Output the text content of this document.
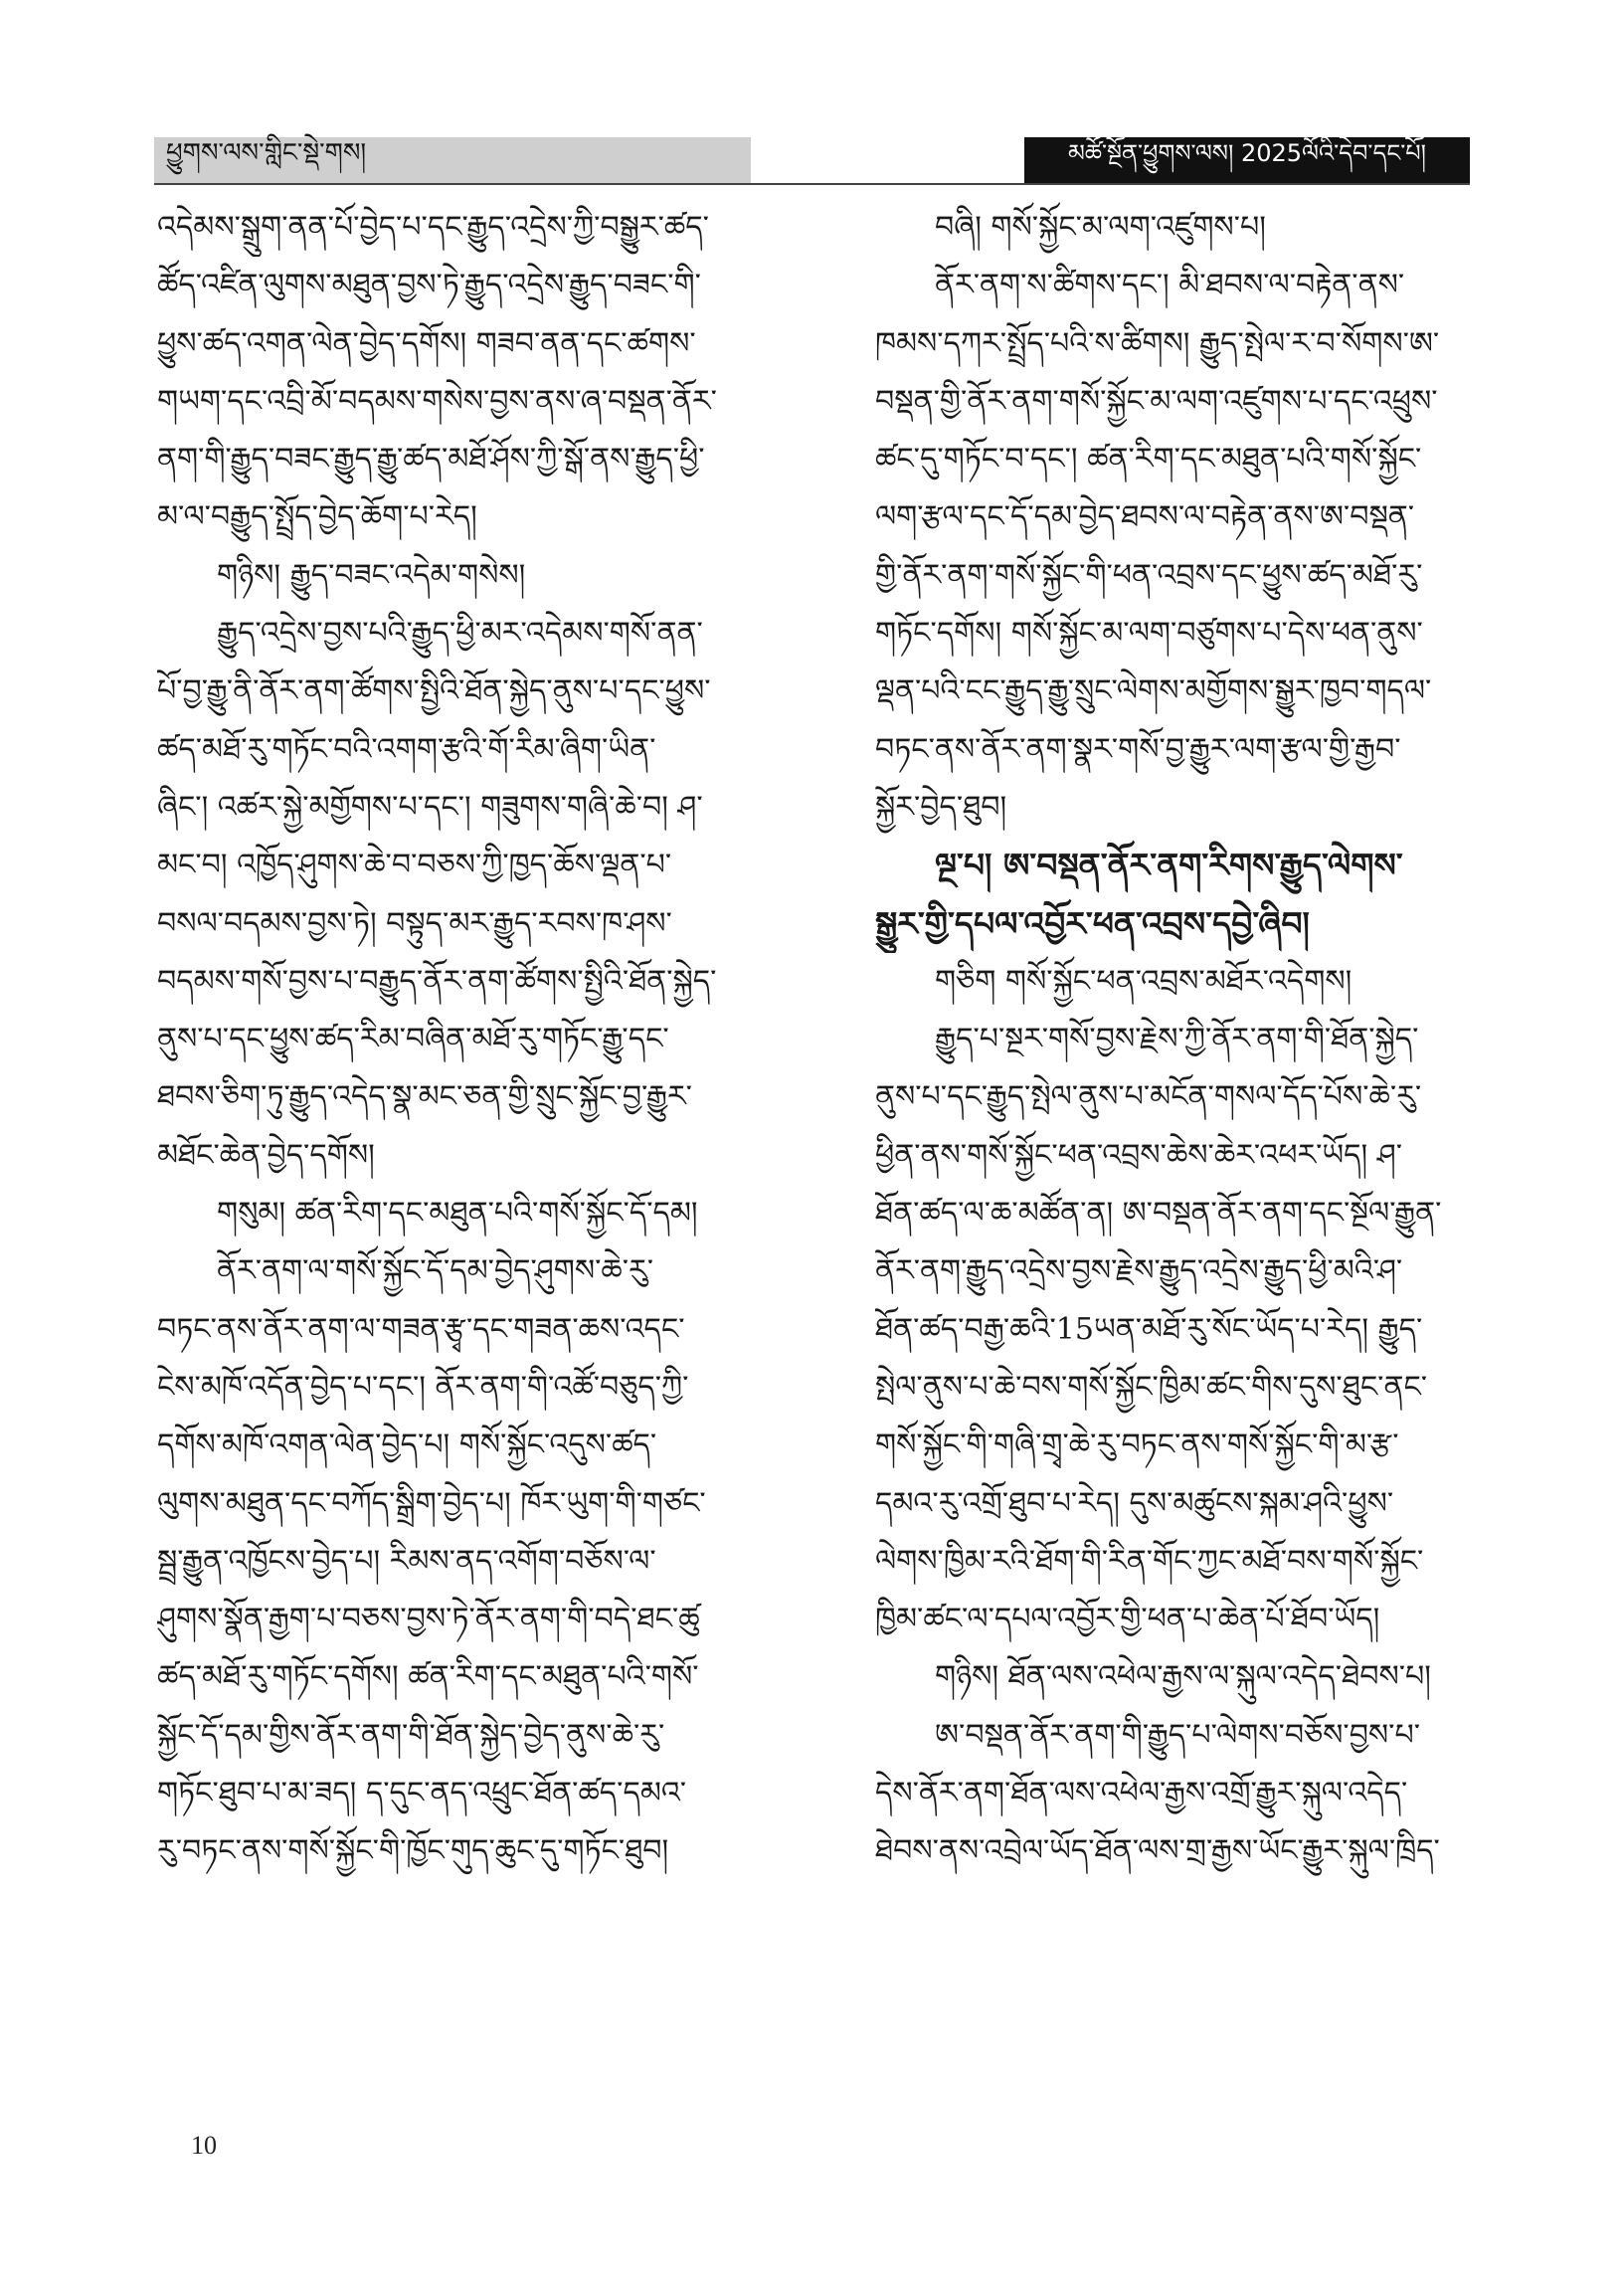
ཕྱུགས་ལས་གླིང་སྡེ་གས།	མཚོ་སྔོན་ཕྱུགས་ལས། 2025ལོའི་དེབ་དང་པོ།
འདེམས་སྒྲུག་ནན་པོ་བྱེད་པ་དང་རྒྱུད་འདྲེས་ཀྱི་བསྒྱུར་ཚད་
ཚོད་འཛིན་ལུགས་མཐུན་བྱས་ཏེ་རྒྱུད་འདྲེས་རྒྱུད་བཟང་གི་
ཕྱུས་ཚད་འགན་ལེན་བྱེད་དགོས། གཟབ་ནན་དང་ཚགས་
གཡག་དང་འབྲི་མོ་བདམས་གསེས་བྱས་ནས་ཞ་བསྡན་ནོར་
ནག་གི་རྒྱུད་བཟང་རྒྱུད་རྒྱུ་ཚད་མཐོ་ཤོས་ཀྱི་སྒོ་ནས་རྒྱུད་ཕྱི་
མ་ལ་བརྒྱུད་སྤྲོད་བྱེད་ཆོག་པ་རེད།
གཉིས། རྒྱུད་བཟང་འདེམ་གསེས།
རྒྱུད་འདྲེས་བྱས་པའི་རྒྱུད་ཕྱི་མར་འདེམས་གསོ་ནན་
པོ་བྱ་རྒྱུ་ནི་ནོར་ནག་ཚོགས་སྤྱིའི་ཐོན་སྐྱེད་ནུས་པ་དང་ཕྱུས་
ཚད་མཐོ་རུ་གཏོང་བའི་འགག་རྩའི་གོ་རིམ་ཞིག་ཡིན་
ཞིང་། འཚར་སྐྱེ་མགྱོགས་པ་དང་། གཟུགས་གཞི་ཆེ་བ། ཤ་
མང་བ། འཁྱོད་ཤུགས་ཆེ་བ་བཅས་ཀྱི་ཁྱད་ཆོས་ལྡན་པ་
བསལ་བདམས་བྱས་ཏེ། བསྟུད་མར་རྒྱུད་རབས་ཁ་ཤས་
བདམས་གསོ་བྱས་པ་བརྒྱུད་ནོར་ནག་ཚོགས་སྤྱིའི་ཐོན་སྐྱེད་
ནུས་པ་དང་ཕྱུས་ཚད་རིམ་བཞིན་མཐོ་རུ་གཏོང་རྒྱུ་དང་
ཐབས་ཅིག་ཏུ་རྒྱུད་འདེད་སྣ་མང་ཅན་གྱི་སྲུང་སྐྱོང་བྱ་རྒྱུར་
མཐོང་ཆེན་བྱེད་དགོས།
གསུམ། ཚན་རིག་དང་མཐུན་པའི་གསོ་སྐྱོང་དོ་དམ།
ནོར་ནག་ལ་གསོ་སྐྱོང་དོ་དམ་བྱེད་ཤུགས་ཆེ་རུ་
བཏང་ནས་ནོར་ནག་ལ་གཟན་རྩྭ་དང་གཟན་ཆས་འདང་
ངེས་མཁོ་འདོན་བྱེད་པ་དང་། ནོར་ནག་གི་འཚོ་བཅུད་ཀྱི་
དགོས་མཁོ་འགན་ལེན་བྱེད་པ། གསོ་སྐྱོང་འདུས་ཚད་
ལུགས་མཐུན་དང་བཀོད་སྒྲིག་བྱེད་པ། ཁོར་ཡུག་གི་གཙང་
སྦྲ་རྒྱུན་འཁྱོངས་བྱེད་པ། རིམས་ནད་འགོག་བཅོས་ལ་
ཤུགས་སྣོན་རྒྱག་པ་བཅས་བྱས་ཏེ་ནོར་ནག་གི་བདེ་ཐང་ཚུ
ཚད་མཐོ་རུ་གཏོང་དགོས། ཚན་རིག་དང་མཐུན་པའི་གསོ་
སྐྱོང་དོ་དམ་གྱིས་ནོར་ནག་གི་ཐོན་སྐྱེད་བྱེད་ནུས་ཆེ་རུ་
གཏོང་ཐུབ་པ་མ་ཟད། ད་དུང་ནད་འཕྲུང་ཐོན་ཚད་དམའ་
རུ་བཏང་ནས་གསོ་སྐྱོང་གི་ཁྱོང་གུད་ཆུང་དུ་གཏོང་ཐུབ།
བཞི། གསོ་སྐྱོང་མ་ལག་འཛུགས་པ།
ནོར་ནག་ས་ཚིགས་དང་། མི་ཐབས་ལ་བརྟེན་ནས་
ཁམས་དཀར་སྤྲོད་པའི་ས་ཚིགས། རྒྱུད་སྤེལ་ར་བ་སོགས་ཨ་
བསྡན་གྱི་ནོར་ནག་གསོ་སྐྱོང་མ་ལག་འཛུགས་པ་དང་འཕྲུས་
ཚང་དུ་གཏོང་བ་དང་། ཚན་རིག་དང་མཐུན་པའི་གསོ་སྐྱོང་
ལག་རྩལ་དང་དོ་དམ་བྱེད་ཐབས་ལ་བརྟེན་ནས་ཨ་བསྡན་
གྱི་ནོར་ནག་གསོ་སྐྱོང་གི་ཕན་འབྲས་དང་ཕྱུས་ཚད་མཐོ་རུ་
གཏོང་དགོས། གསོ་སྐྱོང་མ་ལག་བཙུགས་པ་དེས་ཕན་ནུས་
ལྡན་པའི་ངང་རྒྱུད་རྒྱུ་སྲུང་ལེགས་མགྱོགས་སྒྱུར་ཁྱབ་གདལ་
བཏང་ནས་ནོར་ནག་སྣར་གསོ་བྱ་རྒྱུར་ལག་རྩལ་གྱི་རྒྱབ་
སྐྱོར་བྱེད་ཐུབ།
ལྔ་པ། ཨ་བསྡན་ནོར་ནག་རིགས་རྒྱུད་ལེགས་
སྒྱུར་གྱི་དཔལ་འབྱོར་ཕན་འབྲས་དབྱེ་ཞིབ།
གཅིག གསོ་སྐྱོང་ཕན་འབྲས་མཐོར་འདེགས།
རྒྱུད་པ་སྔར་གསོ་བྱས་རྗེས་ཀྱི་ནོར་ནག་གི་ཐོན་སྐྱེད་
ནུས་པ་དང་རྒྱུད་སྤེལ་ནུས་པ་མངོན་གསལ་དོད་པོས་ཆེ་རུ་
ཕྱིན་ནས་གསོ་སྐྱོང་ཕན་འབྲས་ཆེས་ཆེར་འཕར་ཡོད། ཤ་
ཐོན་ཚད་ལ་ཆ་མཚོན་ན། ཨ་བསྡན་ནོར་ནག་དང་སྔོལ་རྒྱུན་
ནོར་ནག་རྒྱུད་འདྲེས་བྱས་རྗེས་རྒྱུད་འདྲེས་རྒྱུད་ཕྱི་མའི་ཤ་
ཐོན་ཚད་བརྒྱ་ཆའི་15ཡན་མཐོ་རུ་སོང་ཡོད་པ་རེད། རྒྱུད་
སྤེལ་ནུས་པ་ཆེ་བས་གསོ་སྐྱོང་ཁྱིམ་ཚང་གིས་དུས་ཐུང་ནང་
གསོ་སྐྱོང་གི་གཞི་གྲྭ་ཆེ་རུ་བཏང་ནས་གསོ་སྐྱོང་གི་མ་རྩ་
དམའ་རུ་འགྲོ་ཐུབ་པ་རེད། དུས་མཚུངས་སྐམ་ཤའི་ཕྱུས་
ལེགས་ཁྱིམ་རའི་ཐོག་གི་རིན་གོང་ཀྱང་མཐོ་བས་གསོ་སྐྱོང་
ཁྱིམ་ཚང་ལ་དཔལ་འབྱོར་གྱི་ཕན་པ་ཆེན་པོ་ཐོབ་ཡོད།
གཉིས། ཐོན་ལས་འཕེལ་རྒྱས་ལ་སྐུལ་འདེད་ཐེབས་པ།
ཨ་བསྡན་ནོར་ནག་གི་རྒྱུད་པ་ལེགས་བཅོས་བྱས་པ་
དེས་ནོར་ནག་ཐོན་ལས་འཕེལ་རྒྱས་འགྲོ་རྒྱུར་སྐུལ་འདེད་
ཐེབས་ནས་འབྲེལ་ཡོད་ཐོན་ལས་གྲ་རྒྱས་ཡོང་རྒྱུར་སྐུལ་ཁྲིད་
10
